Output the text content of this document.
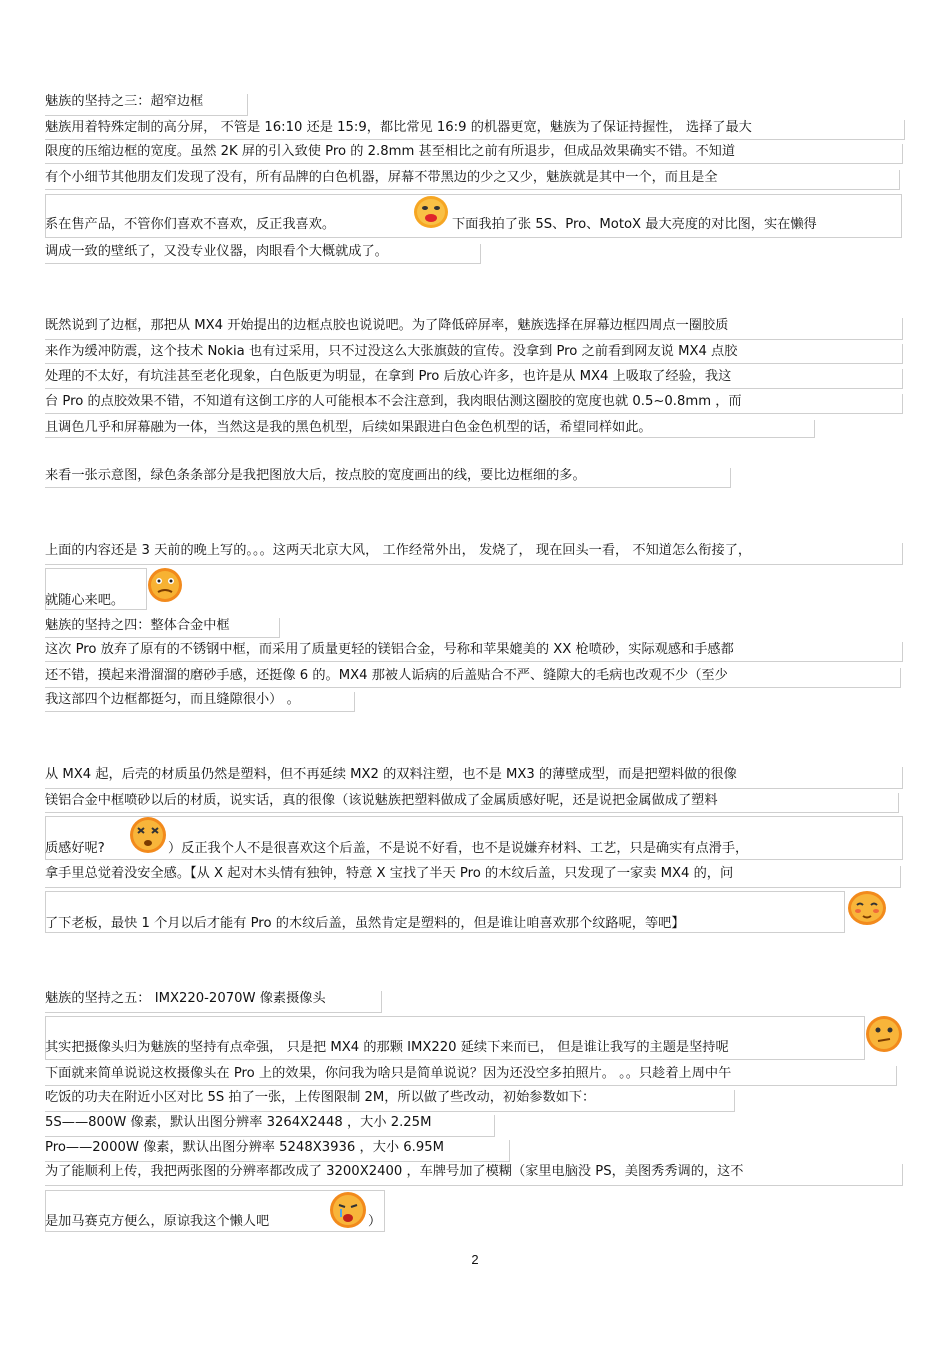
魅族的坚持之三：超窄边框
魅族用着特殊定制的高分屏， 不管是 16:10 还是 15:9，都比常见 16:9 的机器更宽，魅族为了保证持握性， 选择了最大
限度的压缩边框的宽度。虽然 2K 屏的引入致使 Pro 的 2.8mm 甚至相比之前有所退步，但成品效果确实不错。不知道
有个小细节其他朋友们发现了没有，所有品牌的白色机器，屏幕不带黑边的少之又少，魅族就是其中一个，而且是全
系在售产品，不管你们喜欢不喜欢，反正我喜欢。	下面我拍了张 5S、Pro、MotoX 最大亮度的对比图，实在懒得
调成一致的壁纸了，又没专业仪器，肉眼看个大概就成了。
既然说到了边框，那把从 MX4 开始提出的边框点胶也说说吧。为了降低碎屏率，魅族选择在屏幕边框四周点一圈胶质
来作为缓冲防震，这个技术 Nokia 也有过采用，只不过没这么大张旗鼓的宣传。没拿到 Pro 之前看到网友说 MX4 点胶
处理的不太好，有坑洼甚至老化现象，白色版更为明显，在拿到 Pro 后放心许多，也许是从 MX4 上吸取了经验，我这
台 Pro 的点胶效果不错，不知道有这倒工序的人可能根本不会注意到，我肉眼估测这圈胶的宽度也就 0.5~0.8mm ，而
且调色几乎和屏幕融为一体，当然这是我的黑色机型，后续如果跟进白色金色机型的话，希望同样如此。
来看一张示意图，绿色条条部分是我把图放大后，按点胶的宽度画出的线，要比边框细的多。
上面的内容还是 3 天前的晚上写的。。。这两天北京大风， 工作经常外出， 发烧了， 现在回头一看， 不知道怎么衔接了，
就随心来吧。
魅族的坚持之四：整体合金中框
这次 Pro 放弃了原有的不锈钢中框，而采用了质量更轻的镁铝合金，号称和苹果媲美的 XX 枪喷砂，实际观感和手感都
还不错，摸起来滑溜溜的磨砂手感，还挺像 6 的。MX4 那被人诟病的后盖贴合不严、缝隙大的毛病也改观不少（至少
我这部四个边框都挺匀，而且缝隙很小） 。
从 MX4 起，后壳的材质虽仍然是塑料，但不再延续 MX2 的双料注塑，也不是 MX3 的薄壁成型，而是把塑料做的很像
镁铝合金中框喷砂以后的材质，说实话，真的很像（该说魅族把塑料做成了金属质感好呢，还是说把金属做成了塑料
质感好呢?	）反正我个人不是很喜欢这个后盖，不是说不好看，也不是说嫌弃材料、工艺，只是确实有点滑手，
拿手里总觉着没安全感。【从 X 起对木头情有独钟，特意 X 宝找了半天 Pro 的木纹后盖，只发现了一家卖 MX4 的，问
了下老板，最快 1 个月以后才能有 Pro 的木纹后盖，虽然肯定是塑料的，但是谁让咱喜欢那个纹路呢，等吧】
魅族的坚持之五： IMX220-2070W 像素摄像头
其实把摄像头归为魅族的坚持有点牵强， 只是把 MX4 的那颗 IMX220 延续下来而已， 但是谁让我写的主题是坚持呢
下面就来简单说说这枚摄像头在 Pro 上的效果，你问我为啥只是简单说说？因为还没空多拍照片。 。。只趁着上周中午
吃饭的功夫在附近小区对比 5S 拍了一张，上传图限制 2M，所以做了些改动，初始参数如下：
5S——800W 像素，默认出图分辨率 3264X2448 ，大小 2.25M
Pro——2000W 像素，默认出图分辨率 5248X3936 ，大小 6.95M
为了能顺利上传，我把两张图的分辨率都改成了 3200X2400 ，车牌号加了模糊（家里电脑没 PS，美图秀秀调的，这不
是加马赛克方便么，原谅我这个懒人吧	）
2
